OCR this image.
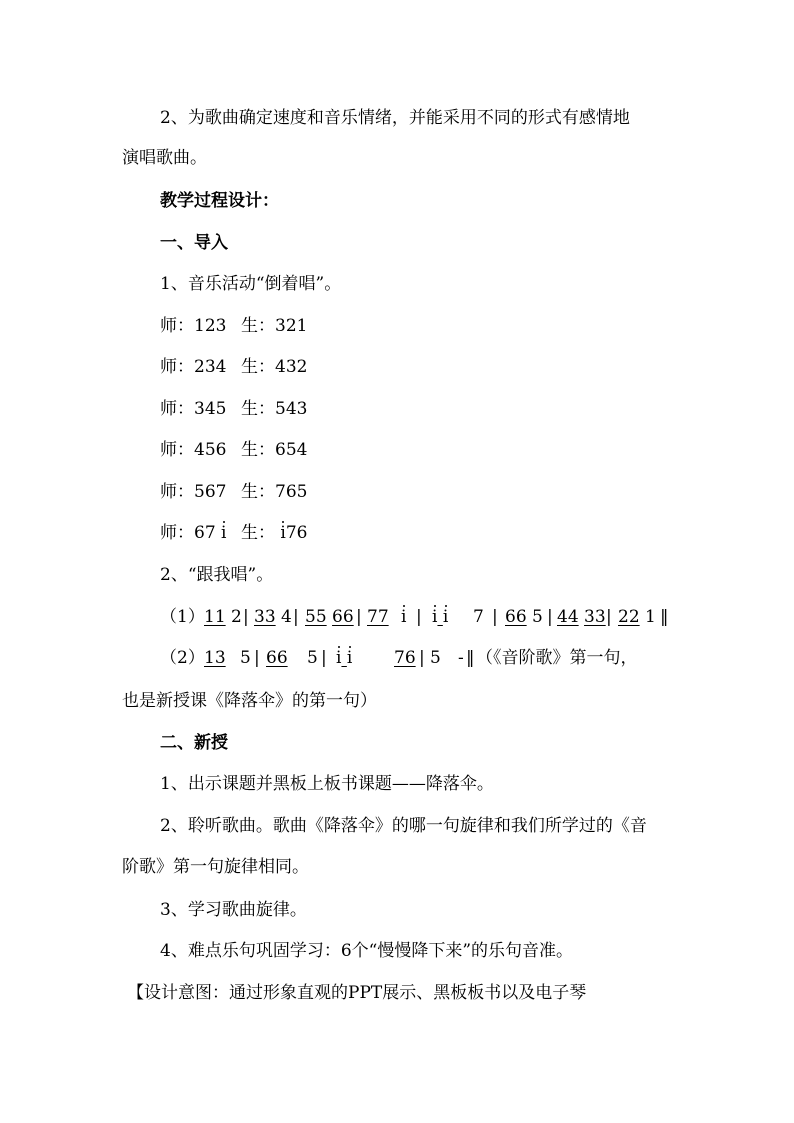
2、为歌曲确定速度和音乐情绪，并能采用不同的形式有感情地
演唱歌曲。
教学过程设计：
一、导入
1、音乐活动“倒着唱”。
师：123 生：321
师：234 生：432
师：345 生：543
师：456 生：654
师：567 生：765
师：67 i 生： i76
2、“跟我唱”。
（1） 11 2 | 33 4 | 55 66 | 77 i | i i 7 | 66 5 | 44 33 | 22 1 ‖
（2） 13 5 | 66 5 | i i 76 | 5 - ‖ （《音阶歌》第一句，
也是新授课《降落伞》的第一句）
二、新授
1、出示课题并黑板上板书课题——降落伞。
2、聆听歌曲。歌曲《降落伞》的哪一句旋律和我们所学过的《音
阶歌》第一句旋律相同。
3、学习歌曲旋律。
4、难点乐句巩固学习：6个“慢慢降下来”的乐句音准。
【设计意图：通过形象直观的PPT展示、黑板板书以及电子琴
